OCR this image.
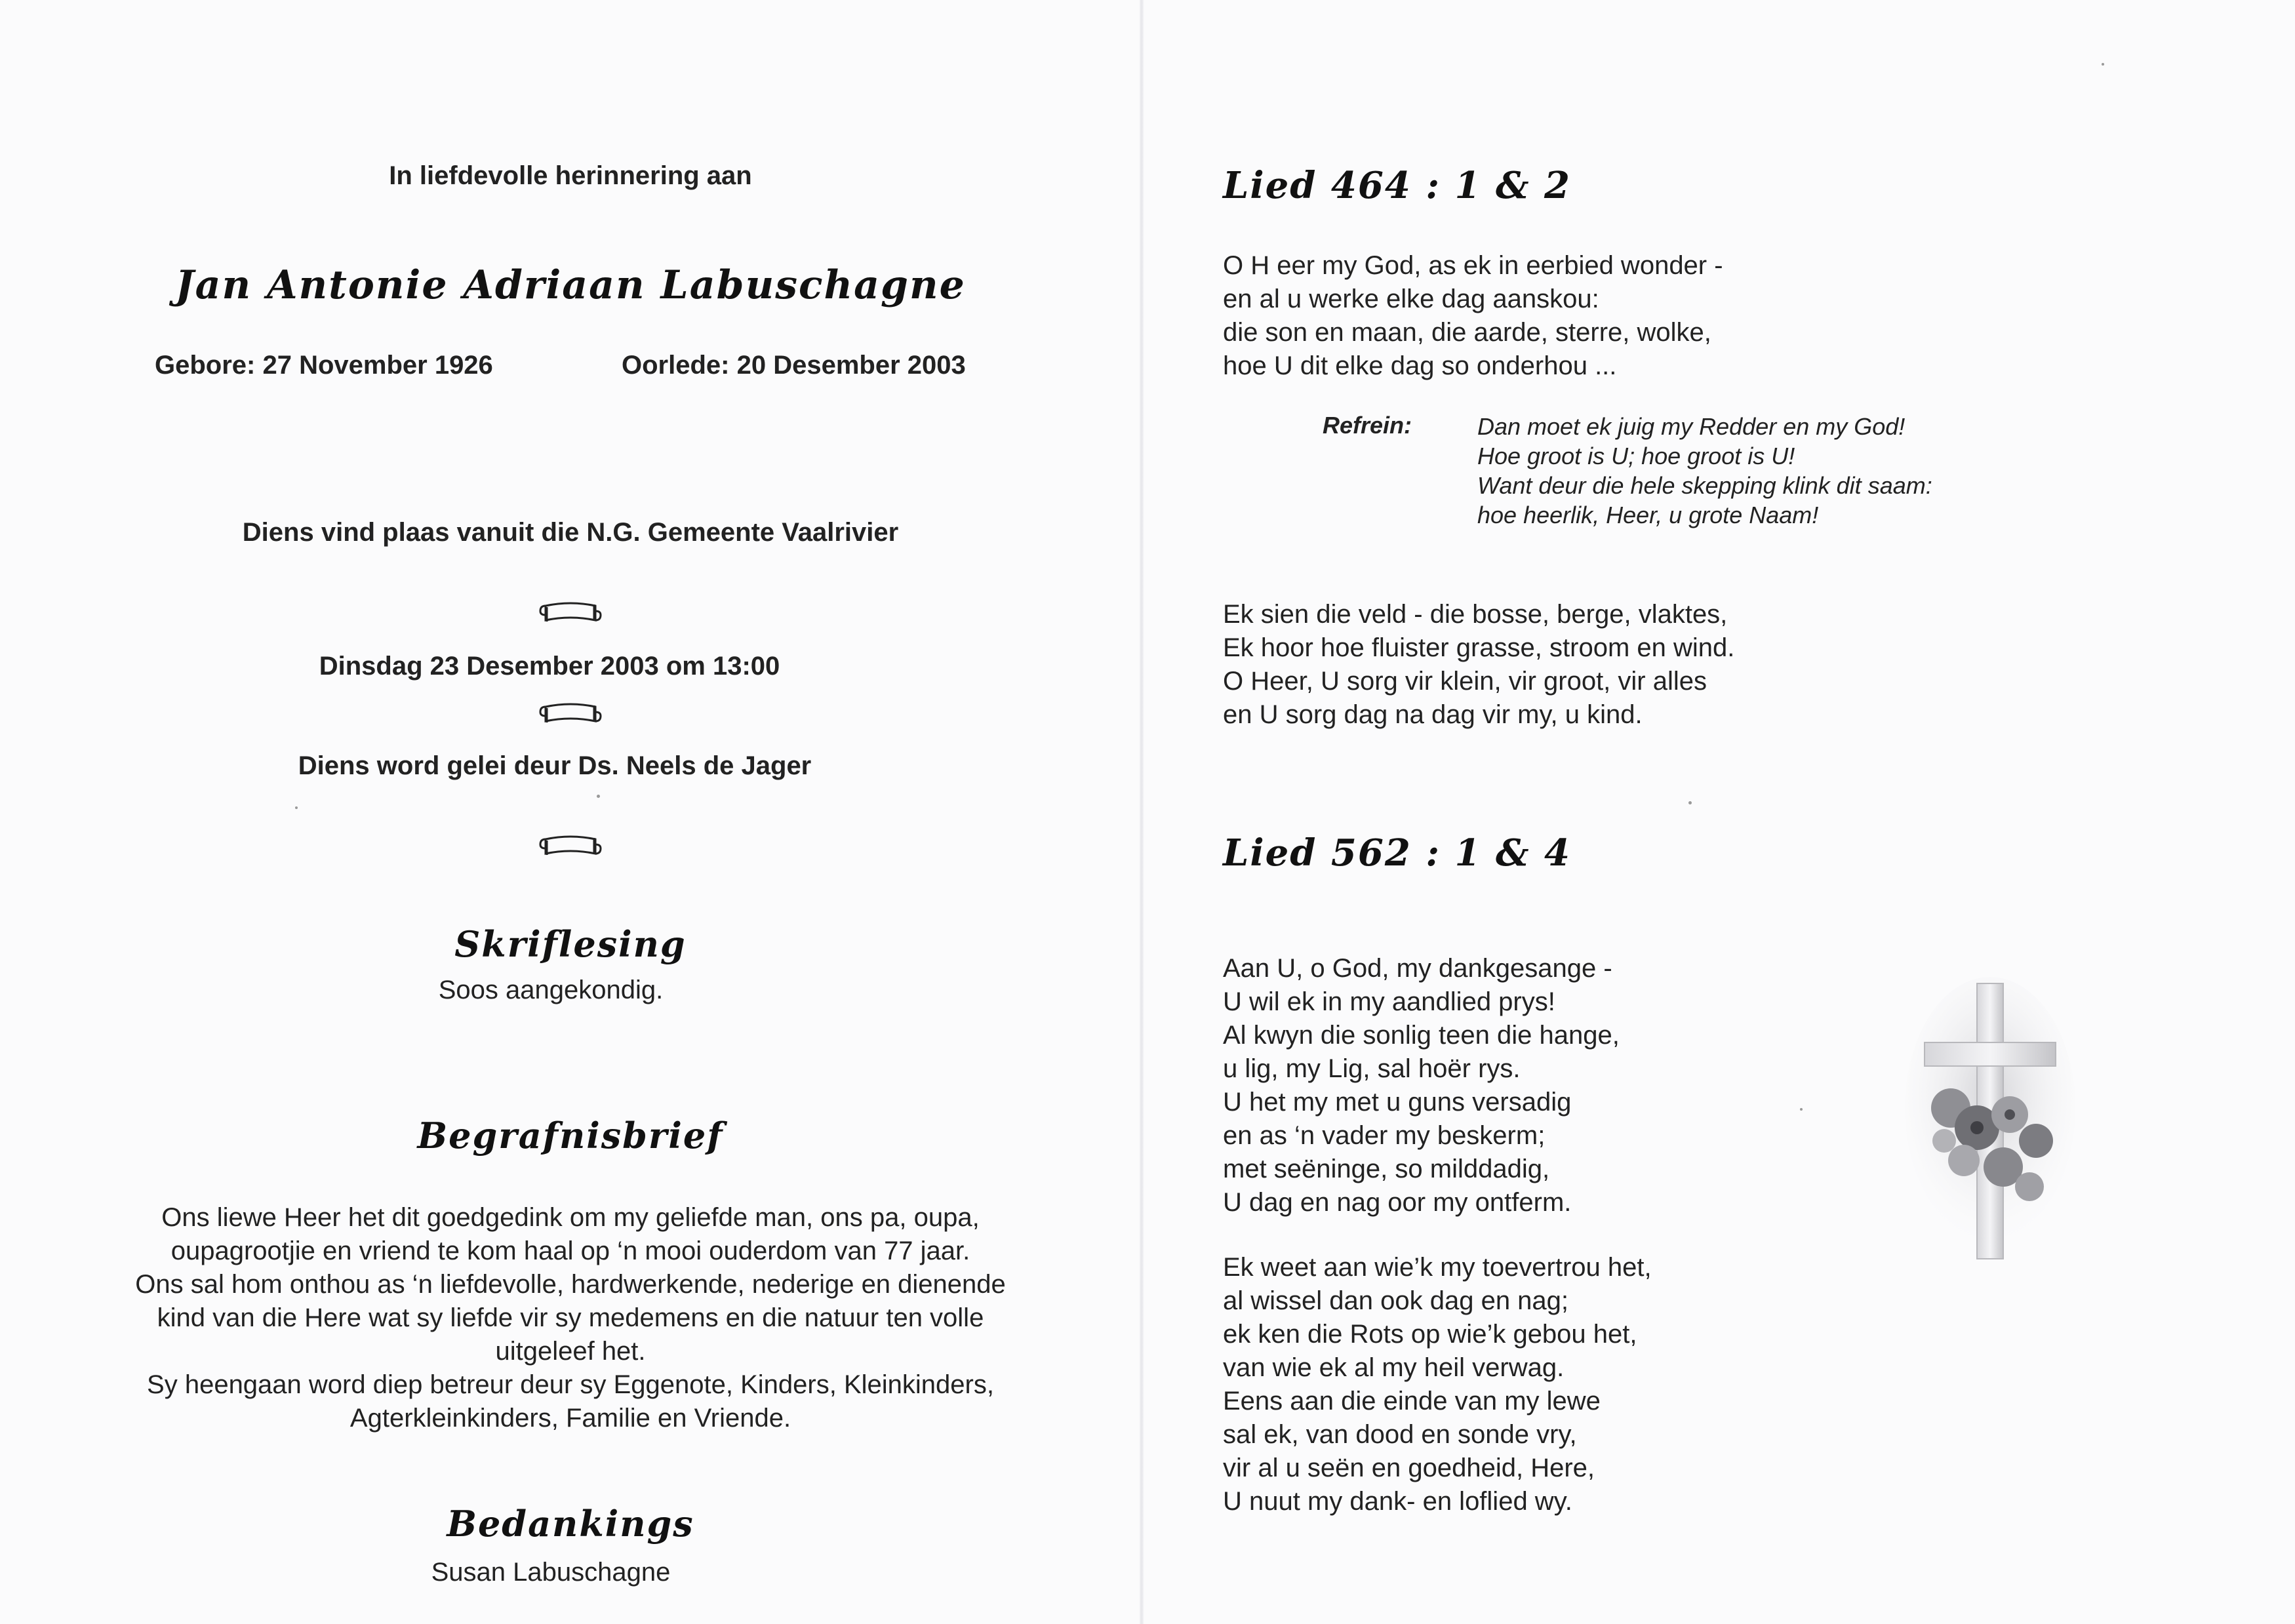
In liefdevolle herinnering aan
Jan Antonie Adriaan Labuschagne
Gebore: 27 November 1926	Oorlede: 20 Desember 2003
Diens vind plaas vanuit die N.G. Gemeente Vaalrivier
Dinsdag 23 Desember 2003 om 13:00
Diens word gelei deur Ds. Neels de Jager
Skriflesing
Soos aangekondig.
Begrafnisbrief
Ons liewe Heer het dit goedgedink om my geliefde man, ons pa, oupa,
oupagrootjie en vriend te kom haal op ‘n mooi ouderdom van 77 jaar.
Ons sal hom onthou as ‘n liefdevolle, hardwerkende, nederige en dienende
kind van die Here wat sy liefde vir sy medemens en die natuur ten volle
uitgeleef het.
Sy heengaan word diep betreur deur sy Eggenote, Kinders, Kleinkinders,
Agterkleinkinders, Familie en Vriende.
Bedankings
Susan Labuschagne
Lied 464 : 1 & 2
O H eer my God, as ek in eerbied wonder -
en al u werke elke dag aanskou:
die son en maan, die aarde, sterre, wolke,
hoe U dit elke dag so onderhou ...
Refrein:	Dan moet ek juig my Redder en my God!
Hoe groot is U; hoe groot is U!
Want deur die hele skepping klink dit saam:
hoe heerlik, Heer, u grote Naam!
Ek sien die veld - die bosse, berge, vlaktes,
Ek hoor hoe fluister grasse, stroom en wind.
O Heer, U sorg vir klein, vir groot, vir alles
en U sorg dag na dag vir my, u kind.
Lied 562 : 1 & 4
Aan U, o God, my dankgesange -
U wil ek in my aandlied prys!
Al kwyn die sonlig teen die hange,
u lig, my Lig, sal hoër rys.
U het my met u guns versadig
en as ‘n vader my beskerm;
met seëninge, so milddadig,
U dag en nag oor my ontferm.
Ek weet aan wie’k my toevertrou het,
al wissel dan ook dag en nag;
ek ken die Rots op wie’k gebou het,
van wie ek al my heil verwag.
Eens aan die einde van my lewe
sal ek, van dood en sonde vry,
vir al u seën en goedheid, Here,
U nuut my dank- en loflied wy.
